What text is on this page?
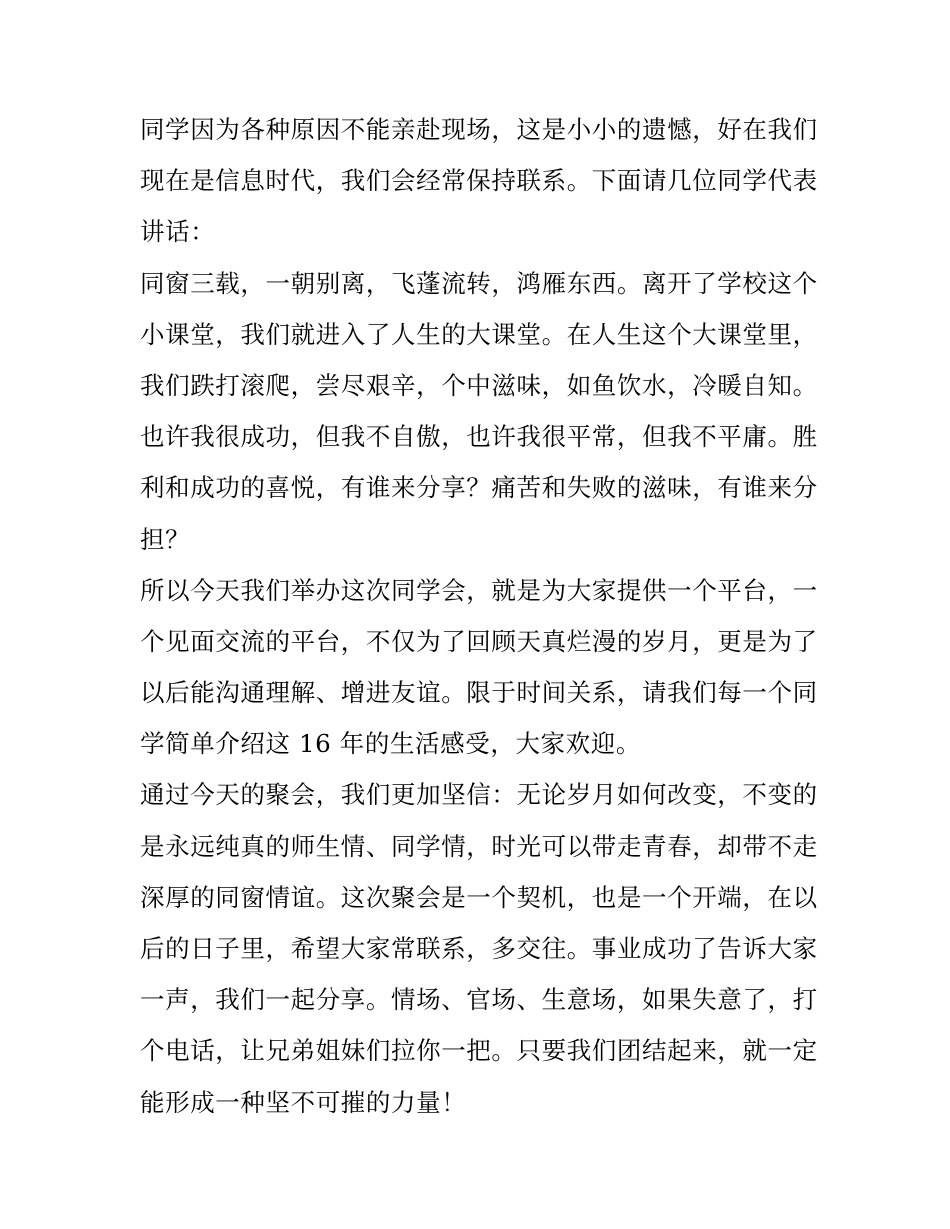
同学因为各种原因不能亲赴现场，这是小小的遗憾，好在我们
现在是信息时代，我们会经常保持联系。下面请几位同学代表
讲话：
同窗三载，一朝别离，飞蓬流转，鸿雁东西。离开了学校这个
小课堂，我们就进入了人生的大课堂。在人生这个大课堂里，
我们跌打滚爬，尝尽艰辛，个中滋味，如鱼饮水，冷暖自知。
也许我很成功，但我不自傲，也许我很平常，但我不平庸。胜
利和成功的喜悦，有谁来分享？痛苦和失败的滋味，有谁来分
担？
所以今天我们举办这次同学会，就是为大家提供一个平台，一
个见面交流的平台，不仅为了回顾天真烂漫的岁月，更是为了
以后能沟通理解、增进友谊。限于时间关系，请我们每一个同
学简单介绍这 16 年的生活感受，大家欢迎。
通过今天的聚会，我们更加坚信：无论岁月如何改变，不变的
是永远纯真的师生情、同学情，时光可以带走青春，却带不走
深厚的同窗情谊。这次聚会是一个契机，也是一个开端，在以
后的日子里，希望大家常联系，多交往。事业成功了告诉大家
一声，我们一起分享。情场、官场、生意场，如果失意了，打
个电话，让兄弟姐妹们拉你一把。只要我们团结起来，就一定
能形成一种坚不可摧的力量！
